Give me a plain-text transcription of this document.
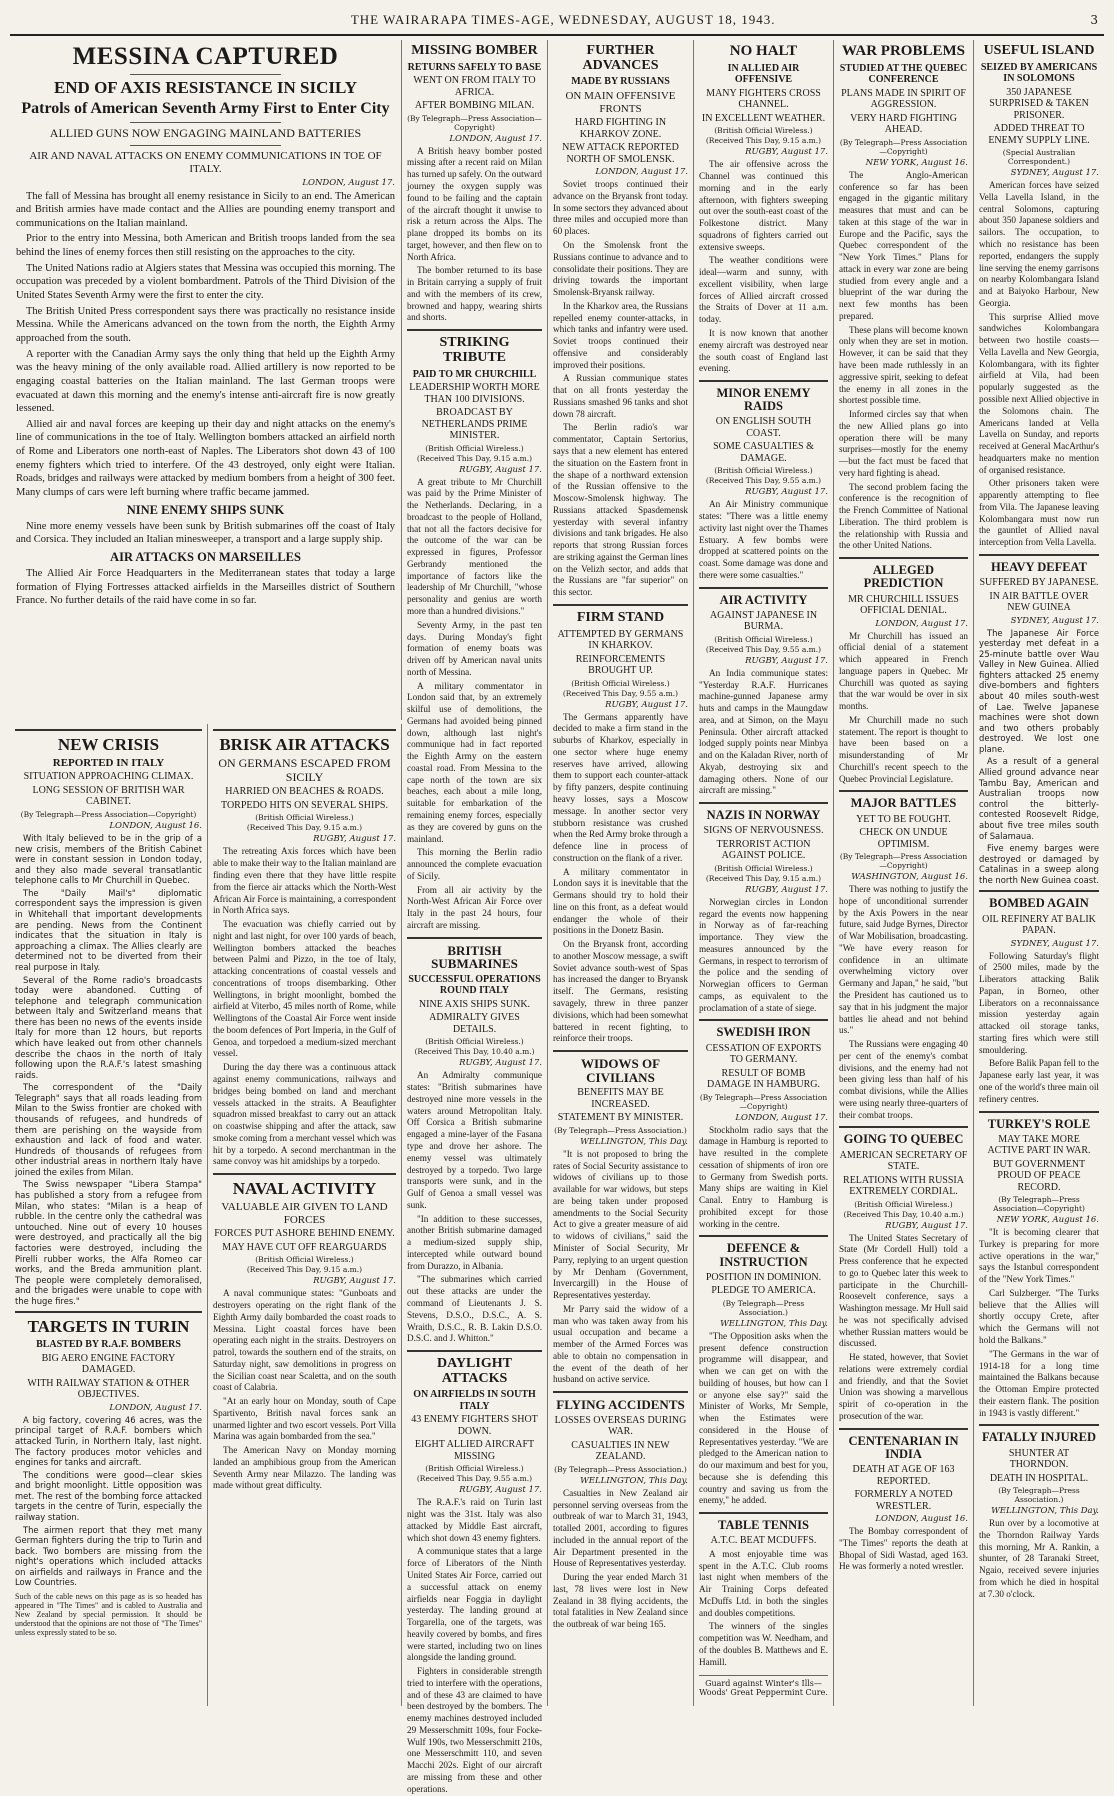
THE WAIRARAPA TIMES-AGE, WEDNESDAY, AUGUST 18, 1943.	3
MESSINA CAPTURED
END OF AXIS RESISTANCE IN SICILY
Patrols of American Seventh Army First to Enter City
ALLIED GUNS NOW ENGAGING MAINLAND BATTERIES
AIR AND NAVAL ATTACKS ON ENEMY COMMUNICATIONS IN TOE OF ITALY.
LONDON, August 17.

The fall of Messina has brought all enemy resistance in Sicily to an end. The American and British armies have made contact and the Allies are pounding enemy transport and communications on the Italian mainland.

Prior to the entry into Messina, both American and British troops landed from the sea behind the lines of enemy forces then still resisting on the approaches to the city.

The United Nations radio at Algiers states that Messina was occupied this morning. The occupation was preceded by a violent bombardment. Patrols of the Third Division of the United States Seventh Army were the first to enter the city.

The British United Press correspondent says there was practically no resistance inside Messina. While the Americans advanced on the town from the north, the Eighth Army approached from the south.

A reporter with the Canadian Army says the only thing that held up the Eighth Army was the heavy mining of the only available road. Allied artillery is now reported to be engaging coastal batteries on the Italian mainland. The last German troops were evacuated at dawn this morning and the enemy's intense anti-aircraft fire is now greatly lessened.

Allied air and naval forces are keeping up their day and night attacks on the enemy's line of communications in the toe of Italy. Wellington bombers attacked an airfield north of Rome and Liberators one north-east of Naples. The Liberators shot down 43 of 100 enemy fighters which tried to interfere. Of the 43 destroyed, only eight were Italian. Roads, bridges and railways were attacked by medium bombers from a height of 300 feet. Many clumps of cars were left burning where traffic became jammed.

NINE ENEMY SHIPS SUNK

Nine more enemy vessels have been sunk by British submarines off the coast of Italy and Corsica. They included an Italian minesweeper, a transport and a large supply ship.

AIR ATTACKS ON MARSEILLES

The Allied Air Force Headquarters in the Mediterranean states that today a large formation of Flying Fortresses attacked airfields in the Marseilles district of Southern France. No further details of the raid have come in so far.

NEW CRISIS
REPORTED IN ITALY
SITUATION APPROACHING CLIMAX.
LONG SESSION OF BRITISH WAR CABINET.
(By Telegraph—Press Association—Copyright)
LONDON, August 16.

With Italy believed to be in the grip of a new crisis, members of the British Cabinet were in constant session in London today, and they also made several transatlantic telephone calls to Mr Churchill in Quebec.

The "Daily Mail's" diplomatic correspondent says the impression is given in Whitehall that important developments are pending. News from the Continent indicates that the situation in Italy is approaching a climax. The Allies clearly are determined not to be diverted from their real purpose in Italy.

Several of the Rome radio's broadcasts today were abandoned. Cutting of telephone and telegraph communication between Italy and Switzerland means that there has been no news of the events inside Italy for more than 12 hours, but reports which have leaked out from other channels describe the chaos in the north of Italy following upon the R.A.F.'s latest smashing raids.

The correspondent of the "Daily Telegraph" says that all roads leading from Milan to the Swiss frontier are choked with thousands of refugees, and hundreds of them are perishing on the wayside from exhaustion and lack of food and water. Hundreds of thousands of refugees from other industrial areas in northern Italy have joined the exiles from Milan.

The Swiss newspaper "Libera Stampa" has published a story from a refugee from Milan, who states: "Milan is a heap of rubble. In the centre only the cathedral was untouched. Nine out of every 10 houses were destroyed, and practically all the big factories were destroyed, including the Pirelli rubber works, the Alfa Romeo car works, and the Breda ammunition plant. The people were completely demoralised, and the brigades were unable to cope with the huge fires."

TARGETS IN TURIN
BLASTED BY R.A.F. BOMBERS
BIG AERO ENGINE FACTORY DAMAGED.
WITH RAILWAY STATION & OTHER OBJECTIVES.
LONDON, August 17.

A big factory, covering 46 acres, was the principal target of R.A.F. bombers which attacked Turin, in Northern Italy, last night. The factory produces motor vehicles and engines for tanks and aircraft.

The conditions were good—clear skies and bright moonlight. Little opposition was met. The rest of the bombing force attacked targets in the centre of Turin, especially the railway station.

The airmen report that they met many German fighters during the trip to Turin and back. Two bombers are missing from the night's operations which included attacks on airfields and railways in France and the Low Countries.

Such of the cable news on this page as is so headed has appeared in "The Times" and is cabled to Australia and New Zealand by special permission. It should be understood that the opinions are not those of "The Times" unless expressly stated to be so.

BRISK AIR ATTACKS
ON GERMANS ESCAPED FROM SICILY
HARRIED ON BEACHES & ROADS.
TORPEDO HITS ON SEVERAL SHIPS.
(British Official Wireless.)
(Received This Day, 9.15 a.m.)
RUGBY, August 17.

The retreating Axis forces which have been able to make their way to the Italian mainland are finding even there that they have little respite from the fierce air attacks which the North-West African Air Force is maintaining, a correspondent in North Africa says.

The evacuation was chiefly carried out by night and last night, for over 100 yards of beach, Wellington bombers attacked the beaches between Palmi and Pizzo, in the toe of Italy, attacking concentrations of coastal vessels and concentrations of troops disembarking. Other Wellingtons, in bright moonlight, bombed the airfield at Viterbo, 45 miles north of Rome, while Wellingtons of the Coastal Air Force went inside the boom defences of Port Imperia, in the Gulf of Genoa, and torpedoed a medium-sized merchant vessel.

During the day there was a continuous attack against enemy communications, railways and bridges being bombed on land and merchant vessels attacked in the straits. A Beaufighter squadron missed breakfast to carry out an attack on coastwise shipping and after the attack, saw smoke coming from a merchant vessel which was hit by a torpedo. A second merchantman in the same convoy was hit amidships by a torpedo.

NAVAL ACTIVITY
VALUABLE AIR GIVEN TO LAND FORCES
FORCES PUT ASHORE BEHIND ENEMY.
MAY HAVE CUT OFF REARGUARDS
(British Official Wireless.)
(Received This Day, 9.15 a.m.)
RUGBY, August 17.

A naval communique states: "Gunboats and destroyers operating on the right flank of the Eighth Army daily bombarded the coast roads to Messina. Light coastal forces have been operating each night in the straits. Destroyers on patrol, towards the southern end of the straits, on Saturday night, saw demolitions in progress on the Sicilian coast near Scaletta, and on the south coast of Calabria.

"At an early hour on Monday, south of Cape Spartivento, British naval forces sank an unarmed lighter and two escort vessels. Port Villa Marina was again bombarded from the sea."

The American Navy on Monday morning landed an amphibious group from the American Seventh Army near Milazzo. The landing was made without great difficulty.

MISSING BOMBER
RETURNS SAFELY TO BASE
WENT ON FROM ITALY TO AFRICA.
AFTER BOMBING MILAN.
(By Telegraph—Press Association—Copyright)
LONDON, August 17.

A British heavy bomber posted missing after a recent raid on Milan has turned up safely. On the outward journey the oxygen supply was found to be failing and the captain of the aircraft thought it unwise to risk a return across the Alps. The plane dropped its bombs on its target, however, and then flew on to North Africa.

The bomber returned to its base in Britain carrying a supply of fruit and with the members of its crew, browned and happy, wearing shirts and shorts.

STRIKING TRIBUTE
PAID TO MR CHURCHILL
LEADERSHIP WORTH MORE THAN 100 DIVISIONS.
BROADCAST BY NETHERLANDS PRIME MINISTER.
(British Official Wireless.)
(Received This Day, 9.15 a.m.)
RUGBY, August 17.

A great tribute to Mr Churchill was paid by the Prime Minister of the Netherlands. Declaring, in a broadcast to the people of Holland, that not all the factors decisive for the outcome of the war can be expressed in figures, Professor Gerbrandy mentioned the importance of factors like the leadership of Mr Churchill, "whose personality and genius are worth more than a hundred divisions."

Seventy Army, in the past ten days. During Monday's fight formation of enemy boats was driven off by American naval units north of Messina.

A military commentator in London said that, by an extremely skilful use of demolitions, the Germans had avoided being pinned down, although last night's communique had in fact reported the Eighth Army on the eastern coastal road. From Messina to the cape north of the town are six beaches, each about a mile long, suitable for embarkation of the remaining enemy forces, especially as they are covered by guns on the mainland.

This morning the Berlin radio announced the complete evacuation of Sicily.

From all air activity by the North-West African Air Force over Italy in the past 24 hours, four aircraft are missing.

BRITISH SUBMARINES
SUCCESSFUL OPERATIONS ROUND ITALY
NINE AXIS SHIPS SUNK.
ADMIRALTY GIVES DETAILS.
(British Official Wireless.)
(Received This Day, 10.40 a.m.)
RUGBY, August 17.

An Admiralty communique states: "British submarines have destroyed nine more vessels in the waters around Metropolitan Italy. Off Corsica a British submarine engaged a mine-layer of the Fasana type and drove her ashore. The enemy vessel was ultimately destroyed by a torpedo. Two large transports were sunk, and in the Gulf of Genoa a small vessel was sunk.

"In addition to these successes, another British submarine damaged a medium-sized supply ship, intercepted while outward bound from Durazzo, in Albania.

"The submarines which carried out these attacks are under the command of Lieutenants J. S. Stevens, D.S.O., D.S.C., A. S. Wraith, D.S.C., R. B. Lakin D.S.O. D.S.C. and J. Whitton."

DAYLIGHT ATTACKS
ON AIRFIELDS IN SOUTH ITALY
43 ENEMY FIGHTERS SHOT DOWN.
EIGHT ALLIED AIRCRAFT MISSING
(British Official Wireless.)
(Received This Day, 9.55 a.m.)
RUGBY, August 17.

The R.A.F.'s raid on Turin last night was the 31st. Italy was also attacked by Middle East aircraft, which shot down 43 enemy fighters.

A communique states that a large force of Liberators of the Ninth United States Air Force, carried out a successful attack on enemy airfields near Foggia in daylight yesterday. The landing ground at Torgarella, one of the targets, was heavily covered by bombs, and fires were started, including two on lines alongside the landing ground.

Fighters in considerable strength tried to interfere with the operations, and of these 43 are claimed to have been destroyed by the bombers. The enemy machines destroyed included 29 Messerschmitt 109s, four Focke-Wulf 190s, two Messerschmitt 210s, one Messerschmitt 110, and seven Macchi 202s. Eight of our aircraft are missing from these and other operations.

FURTHER ADVANCES
MADE BY RUSSIANS
ON MAIN OFFENSIVE FRONTS
HARD FIGHTING IN KHARKOV ZONE.
NEW ATTACK REPORTED NORTH OF SMOLENSK.
LONDON, August 17.

Soviet troops continued their advance on the Bryansk front today. In some sectors they advanced about three miles and occupied more than 60 places.

On the Smolensk front the Russians continue to advance and to consolidate their positions. They are driving towards the important Smolensk-Bryansk railway.

In the Kharkov area, the Russians repelled enemy counter-attacks, in which tanks and infantry were used. Soviet troops continued their offensive and considerably improved their positions.

A Russian communique states that on all fronts yesterday the Russians smashed 96 tanks and shot down 78 aircraft.

The Berlin radio's war commentator, Captain Sertorius, says that a new element has entered the situation on the Eastern front in the shape of a northward extension of the Russian offensive to the Moscow-Smolensk highway. The Russians attacked Spasdemensk yesterday with several infantry divisions and tank brigades. He also reports that strong Russian forces are striking against the German lines on the Velizh sector, and adds that the Russians are "far superior" on this sector.

FIRM STAND
ATTEMPTED BY GERMANS IN KHARKOV.
REINFORCEMENTS BROUGHT UP.
(British Official Wireless.)
(Received This Day, 9.55 a.m.)
RUGBY, August 17.

The Germans apparently have decided to make a firm stand in the suburbs of Kharkov, especially in one sector where huge enemy reserves have arrived, allowing them to support each counter-attack by fifty panzers, despite continuing heavy losses, says a Moscow message. In another sector very stubborn resistance was crushed when the Red Army broke through a defence line in process of construction on the flank of a river.

A military commentator in London says it is inevitable that the Germans should try to hold their line on this front, as a defeat would endanger the whole of their positions in the Donetz Basin.

On the Bryansk front, according to another Moscow message, a swift Soviet advance south-west of Spas has increased the danger to Bryansk itself. The Germans, resisting savagely, threw in three panzer divisions, which had been somewhat battered in recent fighting, to reinforce their troops.

WIDOWS OF CIVILIANS
BENEFITS MAY BE INCREASED.
STATEMENT BY MINISTER.
(By Telegraph—Press Association.)
WELLINGTON, This Day.

"It is not proposed to bring the rates of Social Security assistance to widows of civilians up to those available for war widows, but steps are being taken under proposed amendments to the Social Security Act to give a greater measure of aid to widows of civilians," said the Minister of Social Security, Mr Parry, replying to an urgent question by Mr Denham (Government, Invercargill) in the House of Representatives yesterday.

Mr Parry said the widow of a man who was taken away from his usual occupation and became a member of the Armed Forces was able to obtain no compensation in the event of the death of her husband on active service.

FLYING ACCIDENTS
LOSSES OVERSEAS DURING WAR.
CASUALTIES IN NEW ZEALAND.
(By Telegraph—Press Association.)
WELLINGTON, This Day.

Casualties in New Zealand air personnel serving overseas from the outbreak of war to March 31, 1943, totalled 2001, according to figures included in the annual report of the Air Department presented in the House of Representatives yesterday.

During the year ended March 31 last, 78 lives were lost in New Zealand in 38 flying accidents, the total fatalities in New Zealand since the outbreak of war being 165.

NO HALT
IN ALLIED AIR OFFENSIVE
MANY FIGHTERS CROSS CHANNEL.
IN EXCELLENT WEATHER.
(British Official Wireless.)
(Received This Day, 9.15 a.m.)
RUGBY, August 17.

The air offensive across the Channel was continued this morning and in the early afternoon, with fighters sweeping out over the south-east coast of the Folkestone district. Many squadrons of fighters carried out extensive sweeps.

The weather conditions were ideal—warm and sunny, with excellent visibility, when large forces of Allied aircraft crossed the Straits of Dover at 11 a.m. today.

It is now known that another enemy aircraft was destroyed near the south coast of England last evening.

MINOR ENEMY RAIDS
ON ENGLISH SOUTH COAST.
SOME CASUALTIES & DAMAGE.
(British Official Wireless.)
(Received This Day, 9.55 a.m.)
RUGBY, August 17.

An Air Ministry communique states: "There was a little enemy activity last night over the Thames Estuary. A few bombs were dropped at scattered points on the coast. Some damage was done and there were some casualties."

AIR ACTIVITY
AGAINST JAPANESE IN BURMA.
(British Official Wireless.)
(Received This Day, 9.55 a.m.)
RUGBY, August 17.

An India communique states: "Yesterday R.A.F. Hurricanes machine-gunned Japanese army huts and camps in the Maungdaw area, and at Simon, on the Mayu Peninsula. Other aircraft attacked lodged supply points near Minbya and on the Kaladan River, north of Akyab, destroying six and damaging others. None of our aircraft are missing."

NAZIS IN NORWAY
SIGNS OF NERVOUSNESS.
TERRORIST ACTION AGAINST POLICE.
(British Official Wireless.)
(Received This Day, 9.15 a.m.)
RUGBY, August 17.

Norwegian circles in London regard the events now happening in Norway as of far-reaching importance. They view the measures announced by the Germans, in respect to terrorism of the police and the sending of Norwegian officers to German camps, as equivalent to the proclamation of a state of siege.

SWEDISH IRON
CESSATION OF EXPORTS TO GERMANY.
RESULT OF BOMB DAMAGE IN HAMBURG.
(By Telegraph—Press Association—Copyright)
LONDON, August 17.

Stockholm radio says that the damage in Hamburg is reported to have resulted in the complete cessation of shipments of iron ore to Germany from Swedish ports. Many ships are waiting in Kiel Canal. Entry to Hamburg is prohibited except for those working in the centre.

DEFENCE & INSTRUCTION
POSITION IN DOMINION.
PLEDGE TO AMERICA.
(By Telegraph—Press Association.)
WELLINGTON, This Day.

"The Opposition asks when the present defence construction programme will disappear, and when we can get on with the building of houses, but how can I or anyone else say?" said the Minister of Works, Mr Semple, when the Estimates were considered in the House of Representatives yesterday. "We are pledged to the American nation to do our maximum and best for you, because she is defending this country and saving us from the enemy," he added.

TABLE TENNIS
A.T.C. BEAT MCDUFFS.

A most enjoyable time was spent in the A.T.C. Club rooms last night when members of the Air Training Corps defeated McDuffs Ltd. in both the singles and doubles competitions.

The winners of the singles competition was W. Needham, and of the doubles B. Matthews and E. Hamill.

Guard against Winter's Ills—Woods' Great Peppermint Cure.
WAR PROBLEMS
STUDIED AT THE QUEBEC CONFERENCE
PLANS MADE IN SPIRIT OF AGGRESSION.
VERY HARD FIGHTING AHEAD.
(By Telegraph—Press Association—Copyright)
NEW YORK, August 16.

The Anglo-American conference so far has been engaged in the gigantic military measures that must and can be taken at this stage of the war in Europe and the Pacific, says the Quebec correspondent of the "New York Times." Plans for attack in every war zone are being studied from every angle and a blueprint of the war during the next few months has been prepared.

These plans will become known only when they are set in motion. However, it can be said that they have been made ruthlessly in an aggressive spirit, seeking to defeat the enemy in all zones in the shortest possible time.

Informed circles say that when the new Allied plans go into operation there will be many surprises—mostly for the enemy—but the fact must be faced that very hard fighting is ahead.

The second problem facing the conference is the recognition of the French Committee of National Liberation. The third problem is the relationship with Russia and the other United Nations.

ALLEGED PREDICTION
MR CHURCHILL ISSUES OFFICIAL DENIAL.
LONDON, August 17.

Mr Churchill has issued an official denial of a statement which appeared in French language papers in Quebec. Mr Churchill was quoted as saying that the war would be over in six months.

Mr Churchill made no such statement. The report is thought to have been based on a misunderstanding of Mr Churchill's recent speech to the Quebec Provincial Legislature.

MAJOR BATTLES
YET TO BE FOUGHT.
CHECK ON UNDUE OPTIMISM.
(By Telegraph—Press Association—Copyright)
WASHINGTON, August 16.

There was nothing to justify the hope of unconditional surrender by the Axis Powers in the near future, said Judge Byrnes, Director of War Mobilisation, broadcasting. "We have every reason for confidence in an ultimate overwhelming victory over Germany and Japan," he said, "but the President has cautioned us to say that in his judgment the major battles lie ahead and not behind us."

The Russians were engaging 40 per cent of the enemy's combat divisions, and the enemy had not been giving less than half of his combat divisions, while the Allies were using nearly three-quarters of their combat troops.

GOING TO QUEBEC
AMERICAN SECRETARY OF STATE.
RELATIONS WITH RUSSIA EXTREMELY CORDIAL.
(British Official Wireless.)
(Received This Day, 10.40 a.m.)
RUGBY, August 17.

The United States Secretary of State (Mr Cordell Hull) told a Press conference that he expected to go to Quebec later this week to participate in the Churchill-Roosevelt conference, says a Washington message. Mr Hull said he was not specifically advised whether Russian matters would be discussed.

He stated, however, that Soviet relations were extremely cordial and friendly, and that the Soviet Union was showing a marvellous spirit of co-operation in the prosecution of the war.

CENTENARIAN IN INDIA
DEATH AT AGE OF 163 REPORTED.
FORMERLY A NOTED WRESTLER.
LONDON, August 16.

The Bombay correspondent of "The Times" reports the death at Bhopal of Sidi Wastad, aged 163. He was formerly a noted wrestler.

USEFUL ISLAND
SEIZED BY AMERICANS IN SOLOMONS
350 JAPANESE SURPRISED & TAKEN PRISONER.
ADDED THREAT TO ENEMY SUPPLY LINE.
(Special Australian Correspondent.)
SYDNEY, August 17.

American forces have seized Vella Lavella Island, in the central Solomons, capturing about 350 Japanese soldiers and sailors. The occupation, to which no resistance has been reported, endangers the supply line serving the enemy garrisons on nearby Kolombangara Island and at Baiyoko Harbour, New Georgia.

This surprise Allied move sandwiches Kolombangara between two hostile coasts—Vella Lavella and New Georgia, Kolombangara, with its fighter airfield at Vila, had been popularly suggested as the possible next Allied objective in the Solomons chain. The Americans landed at Vella Lavella on Sunday, and reports received at General MacArthur's headquarters make no mention of organised resistance.

Other prisoners taken were apparently attempting to flee from Vila. The Japanese leaving Kolombangara must now run the gauntlet of Allied naval interception from Vella Lavella.

HEAVY DEFEAT
SUFFERED BY JAPANESE.
IN AIR BATTLE OVER NEW GUINEA
SYDNEY, August 17.

The Japanese Air Force yesterday met defeat in a 25-minute battle over Wau Valley in New Guinea. Allied fighters attacked 25 enemy dive-bombers and fighters about 40 miles south-west of Lae. Twelve Japanese machines were shot down and two others probably destroyed. We lost one plane.

As a result of a general Allied ground advance near Tambu Bay, American and Australian troops now control the bitterly-contested Roosevelt Ridge, about five tree miles south of Salamaua.

Five enemy barges were destroyed or damaged by Catalinas in a sweep along the north New Guinea coast.

BOMBED AGAIN
OIL REFINERY AT BALIK PAPAN.
SYDNEY, August 17.

Following Saturday's flight of 2500 miles, made by the Liberators attacking Balik Papan, in Borneo, other Liberators on a reconnaissance mission yesterday again attacked oil storage tanks, starting fires which were still smouldering.

Before Balik Papan fell to the Japanese early last year, it was one of the world's three main oil refinery centres.

TURKEY'S ROLE
MAY TAKE MORE ACTIVE PART IN WAR.
BUT GOVERNMENT PROUD OF PEACE RECORD.
(By Telegraph—Press Association—Copyright)
NEW YORK, August 16.

"It is becoming clearer that Turkey is preparing for more active operations in the war," says the Istanbul correspondent of the "New York Times."

Carl Sulzberger. "The Turks believe that the Allies will shortly occupy Crete, after which the Germans will not hold the Balkans."

"The Germans in the war of 1914-18 for a long time maintained the Balkans because the Ottoman Empire protected their eastern flank. The position in 1943 is vastly different."

FATALLY INJURED
SHUNTER AT THORNDON.
DEATH IN HOSPITAL.
(By Telegraph—Press Association.)
WELLINGTON, This Day.

Run over by a locomotive at the Thorndon Railway Yards this morning, Mr A. Rankin, a shunter, of 28 Taranaki Street, Ngaio, received severe injuries from which he died in hospital at 7.30 o'clock.
